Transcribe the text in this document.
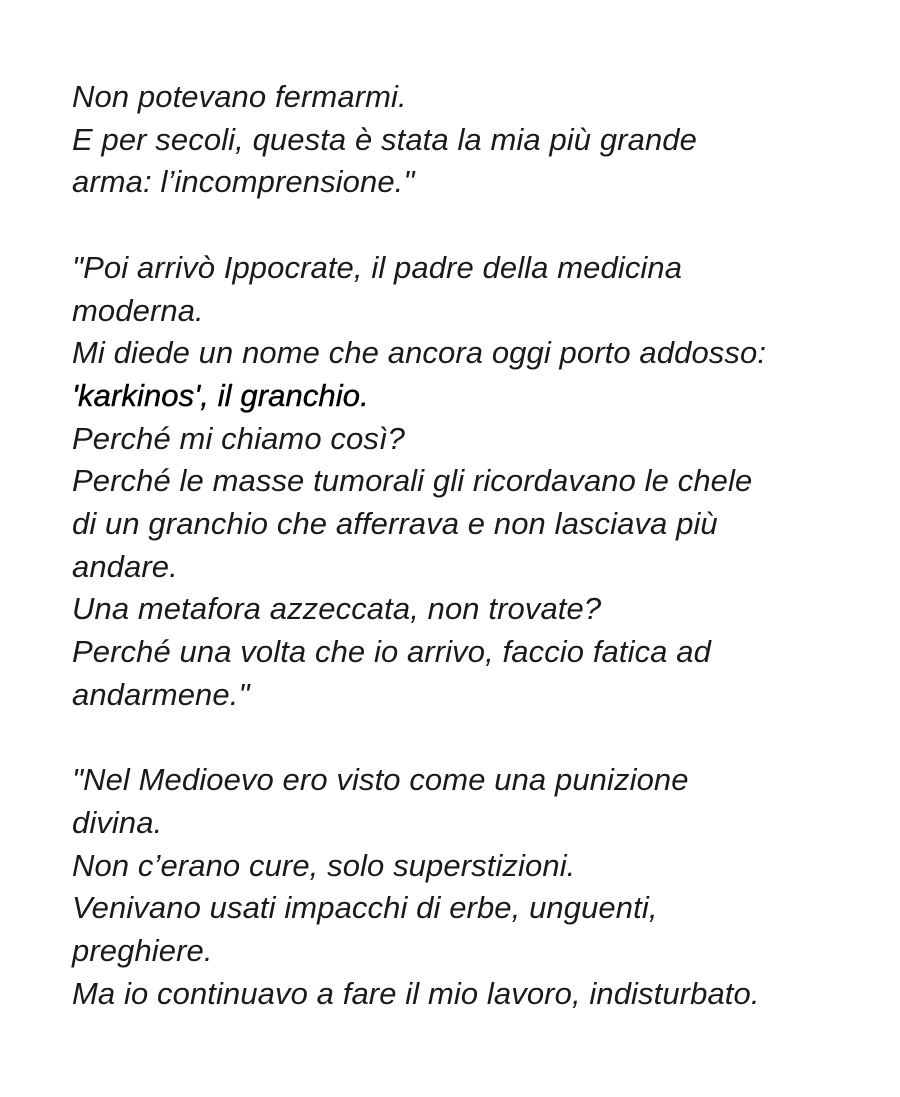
Non potevano fermarmi.
E per secoli, questa è stata la mia più grande
arma: l’incomprensione."
"Poi arrivò Ippocrate, il padre della medicina
moderna.
Mi diede un nome che ancora oggi porto addosso:
'karkinos', il granchio.
Perché mi chiamo così?
Perché le masse tumorali gli ricordavano le chele
di un granchio che afferrava e non lasciava più
andare.
Una metafora azzeccata, non trovate?
Perché una volta che io arrivo, faccio fatica ad
andarmene."
"Nel Medioevo ero visto come una punizione
divina.
Non c’erano cure, solo superstizioni.
Venivano usati impacchi di erbe, unguenti,
preghiere.
Ma io continuavo a fare il mio lavoro, indisturbato.
